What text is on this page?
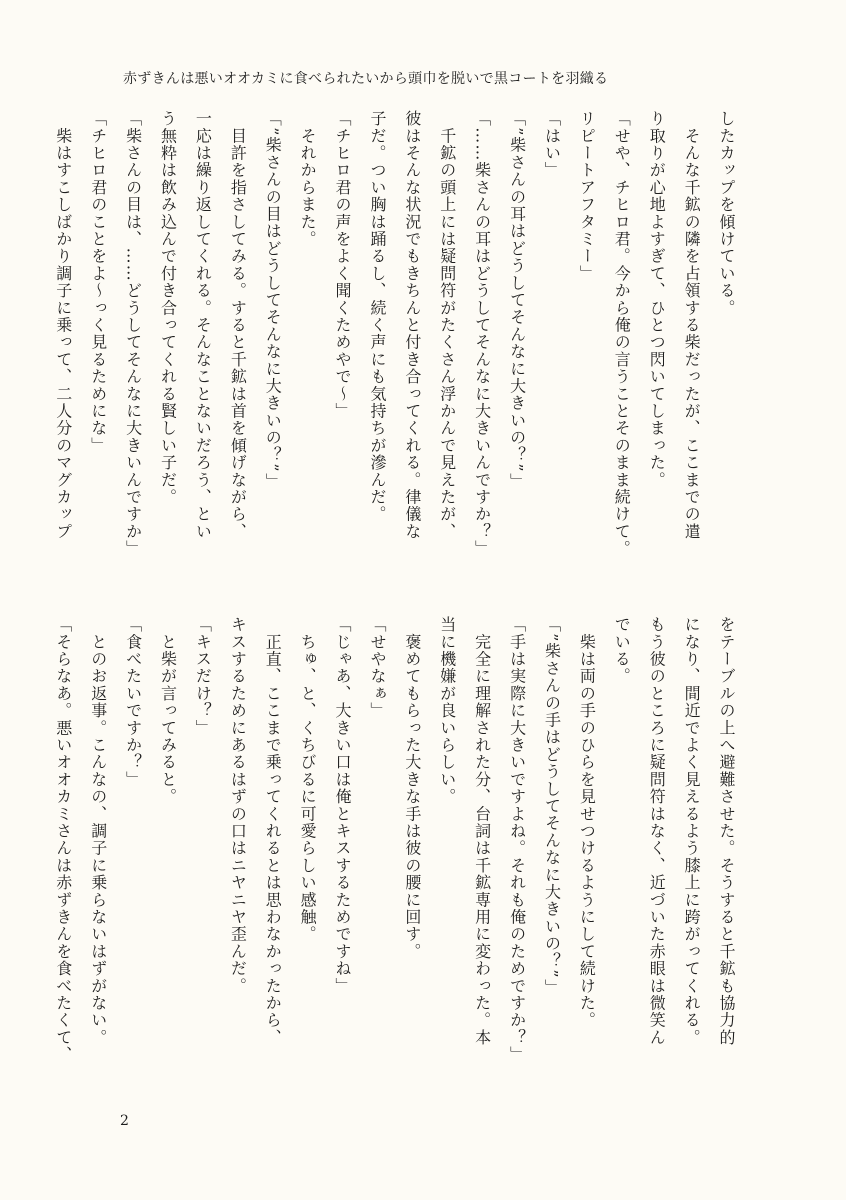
赤ずきんは悪いオオカミに食べられたいから頭巾を脱いで黒コートを羽織る
したカップを傾けている。
　そんな千鉱の隣を占領する柴だったが、ここまでの遣
り取りが心地よすぎて、ひとつ閃いてしまった。
「せや、チヒロ君。今から俺の言うことそのまま続けて。
リピートアフタミー」
「はい」
「”柴さんの耳はどうしてそんなに大きいの？”」
「……柴さんの耳はどうしてそんなに大きいんですか？」
　千鉱の頭上には疑問符がたくさん浮かんで見えたが、
彼はそんな状況でもきちんと付き合ってくれる。律儀な
子だ。つい胸は踊るし、続く声にも気持ちが滲んだ。
「チヒロ君の声をよく聞くためやで〜」
　それからまた。
「”柴さんの目はどうしてそんなに大きいの？”」
　目許を指さしてみる。すると千鉱は首を傾げながら、
一応は繰り返してくれる。そんなことないだろう、とい
う無粋は飲み込んで付き合ってくれる賢しい子だ。
「柴さんの目は、……どうしてそんなに大きいんですか」
「チヒロ君のことをよ〜っく見るためにな」
　柴はすこしばかり調子に乗って、二人分のマグカップ
をテーブルの上へ避難させた。そうすると千鉱も協力的
になり、間近でよく見えるよう膝上に跨がってくれる。
もう彼のところに疑問符はなく、近づいた赤眼は微笑ん
でいる。
　柴は両の手のひらを見せつけるようにして続けた。
「”柴さんの手はどうしてそんなに大きいの？”」
「手は実際に大きいですよね。それも俺のためですか？」
　完全に理解された分、台詞は千鉱専用に変わった。本
当に機嫌が良いらしい。
　褒めてもらった大きな手は彼の腰に回す。
「せやなぁ」
「じゃあ、大きい口は俺とキスするためですね」
　ちゅ、と、くちびるに可愛らしい感触。
　正直、ここまで乗ってくれるとは思わなかったから、
キスするためにあるはずの口はニヤニヤ歪んだ。
「キスだけ？」
　と柴が言ってみると。
「食べたいですか？」
　とのお返事。こんなの、調子に乗らないはずがない。
「そらなあ。悪いオオカミさんは赤ずきんを食べたくて、
2
